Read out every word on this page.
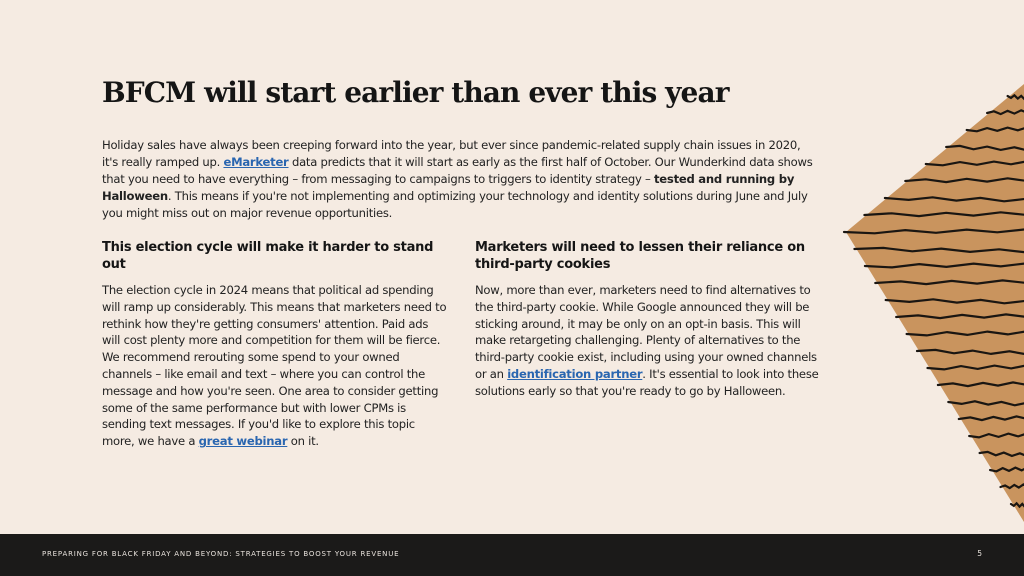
BFCM will start earlier than ever this year

Holiday sales have always been creeping forward into the year, but ever since pandemic-related supply chain issues in 2020, it's really ramped up. eMarketer data predicts that it will start as early as the first half of October. Our Wunderkind data shows that you need to have everything – from messaging to campaigns to triggers to identity strategy – tested and running by Halloween. This means if you're not implementing and optimizing your technology and identity solutions during June and July you might miss out on major revenue opportunities.

This election cycle will make it harder to stand out

The election cycle in 2024 means that political ad spending will ramp up considerably. This means that marketers need to rethink how they're getting consumers' attention. Paid ads will cost plenty more and competition for them will be fierce. We recommend rerouting some spend to your owned channels – like email and text – where you can control the message and how you're seen. One area to consider getting some of the same performance but with lower CPMs is sending text messages. If you'd like to explore this topic more, we have a great webinar on it.

Marketers will need to lessen their reliance on third-party cookies

Now, more than ever, marketers need to find alternatives to the third-party cookie. While Google announced they will be sticking around, it may be only on an opt-in basis. This will make retargeting challenging. Plenty of alternatives to the third-party cookie exist, including using your owned channels or an identification partner. It's essential to look into these solutions early so that you're ready to go by Halloween.

PREPARING FOR BLACK FRIDAY AND BEYOND: STRATEGIES TO BOOST YOUR REVENUE	5
